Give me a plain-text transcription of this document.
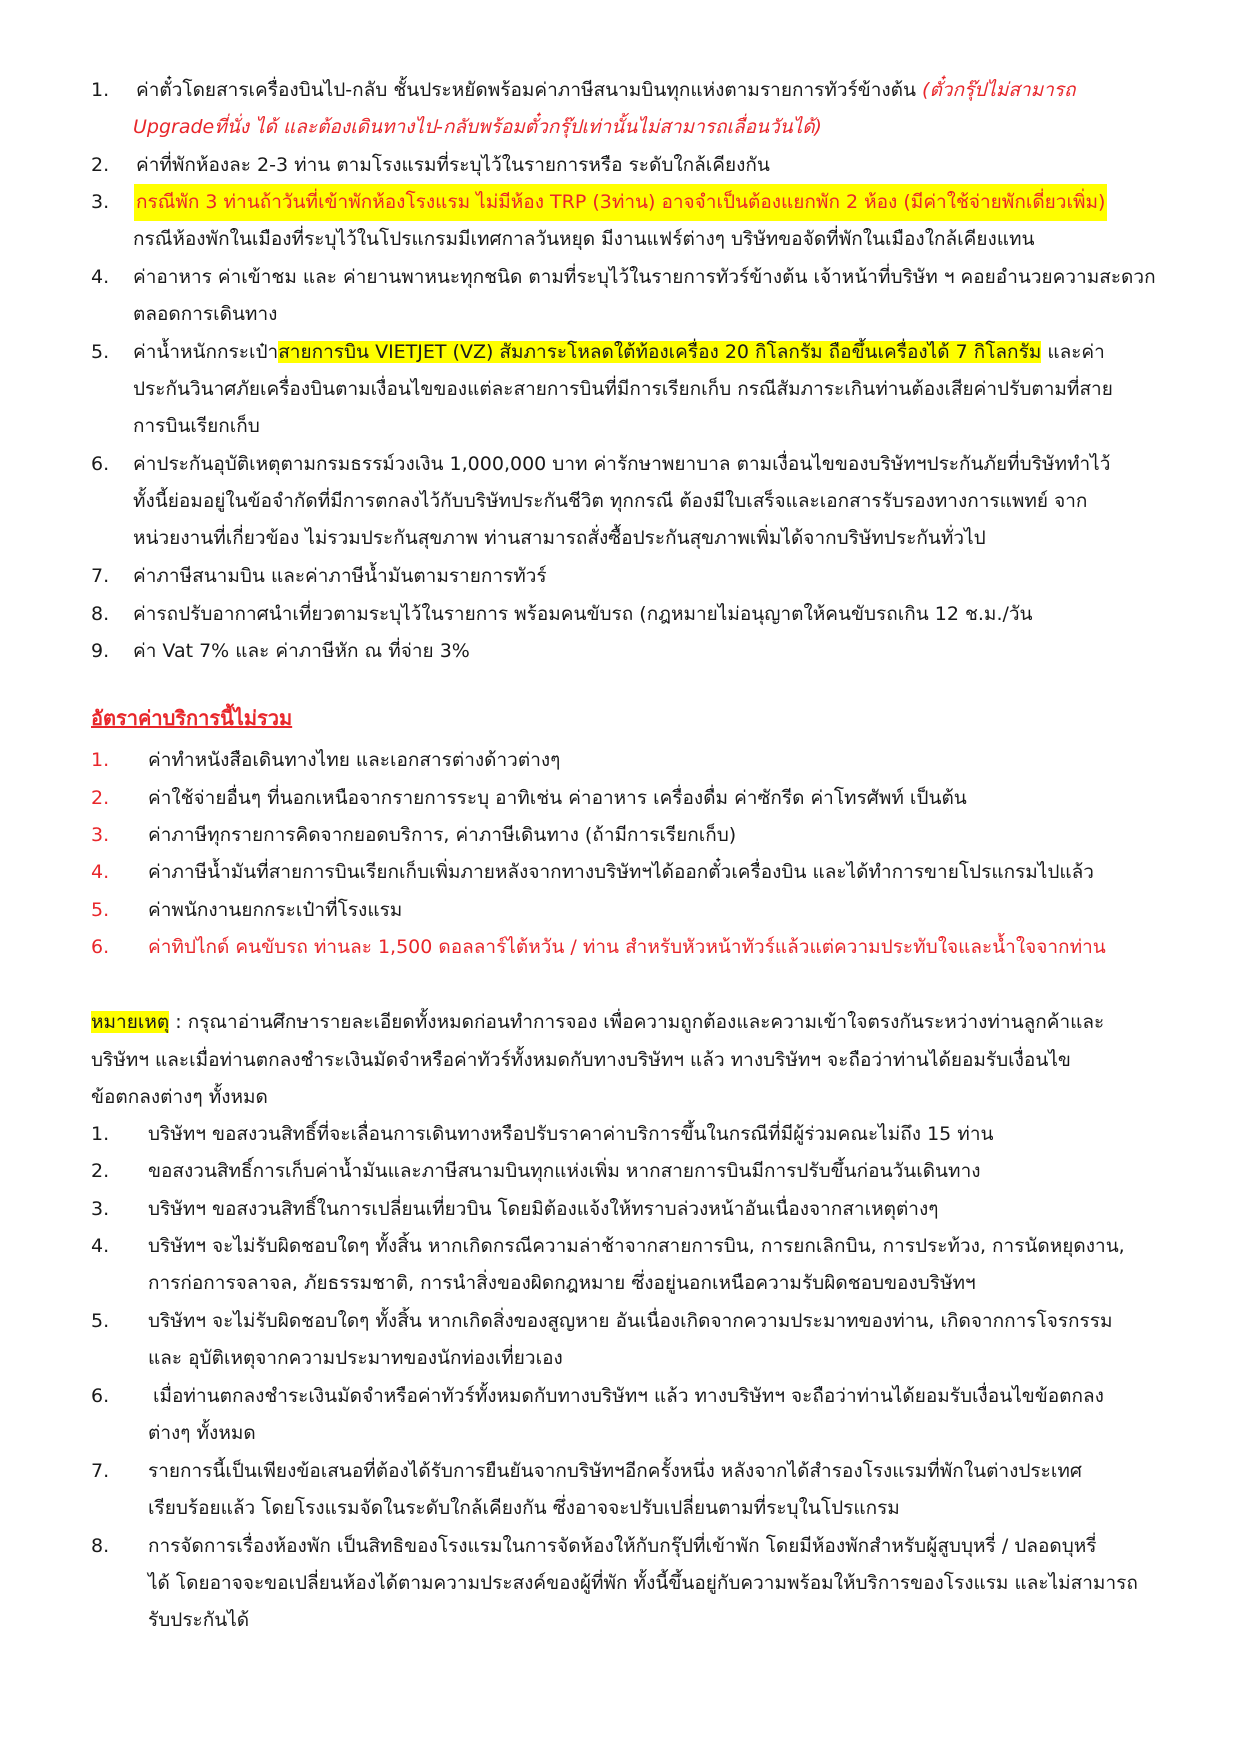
1. ค่าตั๋วโดยสารเครื่องบินไป-กลับ ชั้นประหยัดพร้อมค่าภาษีสนามบินทุกแห่งตามรายการทัวร์ข้างต้น (ตั๋วกรุ๊ปไม่สามารถ
Upgradeที่นั่ง ได้ และต้องเดินทางไป-กลับพร้อมตั๋วกรุ๊ปเท่านั้นไม่สามารถเลื่อนวันได้)
2. ค่าที่พักห้องละ 2-3 ท่าน ตามโรงแรมที่ระบุไว้ในรายการหรือ ระดับใกล้เคียงกัน
3. กรณีพัก 3 ท่านถ้าวันที่เข้าพักห้องโรงแรม ไม่มีห้อง TRP (3ท่าน) อาจจำเป็นต้องแยกพัก 2 ห้อง (มีค่าใช้จ่ายพักเดี่ยวเพิ่ม)
กรณีห้องพักในเมืองที่ระบุไว้ในโปรแกรมมีเทศกาลวันหยุด มีงานแฟร์ต่างๆ บริษัทขอจัดที่พักในเมืองใกล้เคียงแทน
4. ค่าอาหาร ค่าเข้าชม และ ค่ายานพาหนะทุกชนิด ตามที่ระบุไว้ในรายการทัวร์ข้างต้น เจ้าหน้าที่บริษัท ฯ คอยอำนวยความสะดวก
ตลอดการเดินทาง
5. ค่าน้ำหนักกระเป๋าสายการบิน VIETJET (VZ) สัมภาระโหลดใต้ท้องเครื่อง 20 กิโลกรัม ถือขึ้นเครื่องได้ 7 กิโลกรัม และค่า
ประกันวินาศภัยเครื่องบินตามเงื่อนไขของแต่ละสายการบินที่มีการเรียกเก็บ กรณีสัมภาระเกินท่านต้องเสียค่าปรับตามที่สาย
การบินเรียกเก็บ
6. ค่าประกันอุบัติเหตุตามกรมธรรม์วงเงิน 1,000,000 บาท ค่ารักษาพยาบาล ตามเงื่อนไขของบริษัทฯประกันภัยที่บริษัททำไว้
ทั้งนี้ย่อมอยู่ในข้อจำกัดที่มีการตกลงไว้กับบริษัทประกันชีวิต ทุกกรณี ต้องมีใบเสร็จและเอกสารรับรองทางการแพทย์ จาก
หน่วยงานที่เกี่ยวข้อง ไม่รวมประกันสุขภาพ ท่านสามารถสั่งซื้อประกันสุขภาพเพิ่มได้จากบริษัทประกันทั่วไป
7. ค่าภาษีสนามบิน และค่าภาษีน้ำมันตามรายการทัวร์
8. ค่ารถปรับอากาศนำเที่ยวตามระบุไว้ในรายการ พร้อมคนขับรถ (กฎหมายไม่อนุญาตให้คนขับรถเกิน 12 ช.ม./วัน
9. ค่า Vat 7% และ ค่าภาษีหัก ณ ที่จ่าย 3%
อัตราค่าบริการนี้ไม่รวม
1. ค่าทำหนังสือเดินทางไทย และเอกสารต่างด้าวต่างๆ
2. ค่าใช้จ่ายอื่นๆ ที่นอกเหนือจากรายการระบุ อาทิเช่น ค่าอาหาร เครื่องดื่ม ค่าซักรีด ค่าโทรศัพท์ เป็นต้น
3. ค่าภาษีทุกรายการคิดจากยอดบริการ, ค่าภาษีเดินทาง (ถ้ามีการเรียกเก็บ)
4. ค่าภาษีน้ำมันที่สายการบินเรียกเก็บเพิ่มภายหลังจากทางบริษัทฯได้ออกตั๋วเครื่องบิน และได้ทำการขายโปรแกรมไปแล้ว
5. ค่าพนักงานยกกระเป๋าที่โรงแรม
6. ค่าทิปไกด์ คนขับรถ ท่านละ 1,500 ดอลลาร์ไต้หวัน / ท่าน สำหรับหัวหน้าทัวร์แล้วแต่ความประทับใจและน้ำใจจากท่าน
หมายเหตุ : กรุณาอ่านศึกษารายละเอียดทั้งหมดก่อนทำการจอง เพื่อความถูกต้องและความเข้าใจตรงกันระหว่างท่านลูกค้าและ
บริษัทฯ และเมื่อท่านตกลงชำระเงินมัดจำหรือค่าทัวร์ทั้งหมดกับทางบริษัทฯ แล้ว ทางบริษัทฯ จะถือว่าท่านได้ยอมรับเงื่อนไข
ข้อตกลงต่างๆ ทั้งหมด
1. บริษัทฯ ขอสงวนสิทธิ์ที่จะเลื่อนการเดินทางหรือปรับราคาค่าบริการขึ้นในกรณีที่มีผู้ร่วมคณะไม่ถึง 15 ท่าน
2. ขอสงวนสิทธิ์การเก็บค่าน้ำมันและภาษีสนามบินทุกแห่งเพิ่ม หากสายการบินมีการปรับขึ้นก่อนวันเดินทาง
3. บริษัทฯ ขอสงวนสิทธิ์ในการเปลี่ยนเที่ยวบิน โดยมิต้องแจ้งให้ทราบล่วงหน้าอันเนื่องจากสาเหตุต่างๆ
4. บริษัทฯ จะไม่รับผิดชอบใดๆ ทั้งสิ้น หากเกิดกรณีความล่าช้าจากสายการบิน, การยกเลิกบิน, การประท้วง, การนัดหยุดงาน,
การก่อการจลาจล, ภัยธรรมชาติ, การนำสิ่งของผิดกฎหมาย ซึ่งอยู่นอกเหนือความรับผิดชอบของบริษัทฯ
5. บริษัทฯ จะไม่รับผิดชอบใดๆ ทั้งสิ้น หากเกิดสิ่งของสูญหาย อันเนื่องเกิดจากความประมาทของท่าน, เกิดจากการโจรกรรม
และ อุบัติเหตุจากความประมาทของนักท่องเที่ยวเอง
6. เมื่อท่านตกลงชำระเงินมัดจำหรือค่าทัวร์ทั้งหมดกับทางบริษัทฯ แล้ว ทางบริษัทฯ จะถือว่าท่านได้ยอมรับเงื่อนไขข้อตกลง
ต่างๆ ทั้งหมด
7. รายการนี้เป็นเพียงข้อเสนอที่ต้องได้รับการยืนยันจากบริษัทฯอีกครั้งหนึ่ง หลังจากได้สำรองโรงแรมที่พักในต่างประเทศ
เรียบร้อยแล้ว โดยโรงแรมจัดในระดับใกล้เคียงกัน ซึ่งอาจจะปรับเปลี่ยนตามที่ระบุในโปรแกรม
8. การจัดการเรื่องห้องพัก เป็นสิทธิของโรงแรมในการจัดห้องให้กับกรุ๊ปที่เข้าพัก โดยมีห้องพักสำหรับผู้สูบบุหรี่ / ปลอดบุหรี่
ได้ โดยอาจจะขอเปลี่ยนห้องได้ตามความประสงค์ของผู้ที่พัก ทั้งนี้ขึ้นอยู่กับความพร้อมให้บริการของโรงแรม และไม่สามารถ
รับประกันได้
